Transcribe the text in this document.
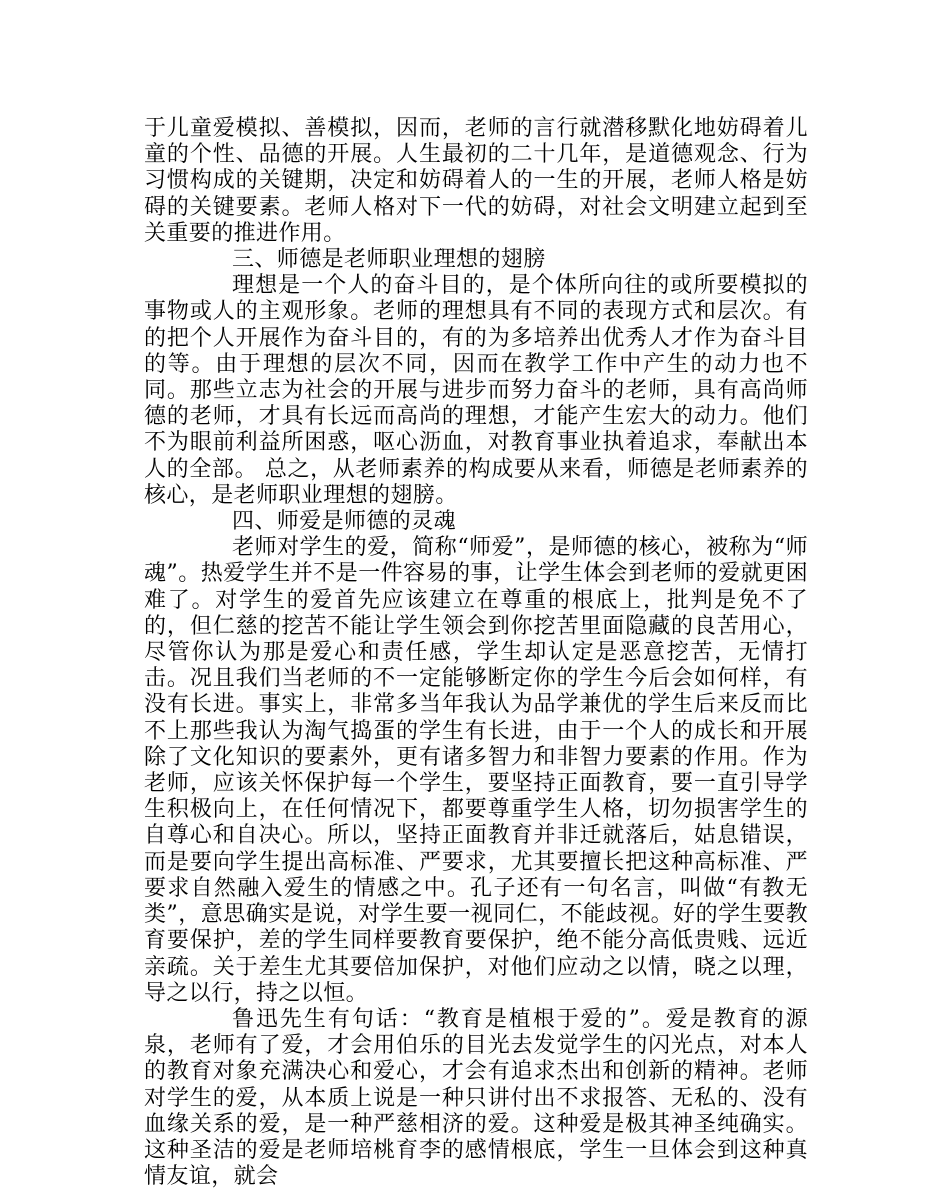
于儿童爱模拟、善模拟，因而，老师的言行就潜移默化地妨碍着儿童的个性、品德的开展。人生最初的二十几年，是道德观念、行为习惯构成的关键期，决定和妨碍着人的一生的开展，老师人格是妨碍的关键要素。老师人格对下一代的妨碍，对社会文明建立起到至关重要的推进作用。

三、师德是老师职业理想的翅膀

理想是一个人的奋斗目的，是个体所向往的或所要模拟的事物或人的主观形象。老师的理想具有不同的表现方式和层次。有的把个人开展作为奋斗目的，有的为多培养出优秀人才作为奋斗目的等。由于理想的层次不同，因而在教学工作中产生的动力也不同。那些立志为社会的开展与进步而努力奋斗的老师，具有高尚师德的老师，才具有长远而高尚的理想，才能产生宏大的动力。他们不为眼前利益所困惑，呕心沥血，对教育事业执着追求，奉献出本人的全部。 总之，从老师素养的构成要从来看，师德是老师素养的核心，是老师职业理想的翅膀。

四、师爱是师德的灵魂

老师对学生的爱，简称“师爱”，是师德的核心，被称为“师魂”。热爱学生并不是一件容易的事，让学生体会到老师的爱就更困难了。对学生的爱首先应该建立在尊重的根底上，批判是免不了的，但仁慈的挖苦不能让学生领会到你挖苦里面隐藏的良苦用心，尽管你认为那是爱心和责任感，学生却认定是恶意挖苦，无情打击。况且我们当老师的不一定能够断定你的学生今后会如何样，有没有长进。事实上，非常多当年我认为品学兼优的学生后来反而比不上那些我认为淘气捣蛋的学生有长进，由于一个人的成长和开展除了文化知识的要素外，更有诸多智力和非智力要素的作用。作为老师，应该关怀保护每一个学生，要坚持正面教育，要一直引导学生积极向上，在任何情况下，都要尊重学生人格，切勿损害学生的自尊心和自决心。所以，坚持正面教育并非迁就落后，姑息错误，而是要向学生提出高标准、严要求，尤其要擅长把这种高标准、严要求自然融入爱生的情感之中。孔子还有一句名言，叫做“有教无类”，意思确实是说，对学生要一视同仁，不能歧视。好的学生要教育要保护，差的学生同样要教育要保护，绝不能分高低贵贱、远近亲疏。关于差生尤其要倍加保护，对他们应动之以情，晓之以理，导之以行，持之以恒。

鲁迅先生有句话：“教育是植根于爱的”。爱是教育的源泉，老师有了爱，才会用伯乐的目光去发觉学生的闪光点，对本人的教育对象充满决心和爱心，才会有追求杰出和创新的精神。老师对学生的爱，从本质上说是一种只讲付出不求报答、无私的、没有血缘关系的爱，是一种严慈相济的爱。这种爱是极其神圣纯确实。这种圣洁的爱是老师培桃育李的感情根底，学生一旦体会到这种真情友谊，就会
